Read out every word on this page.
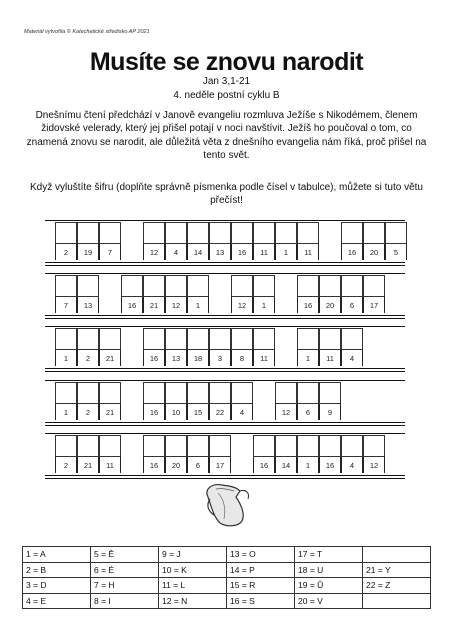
Materiál vytvořila © Katechetické středisko AP 2021
Musíte se znovu narodit
Jan 3,1-21
4. neděle postní cyklu B
Dnešnímu čtení předchází v Janově evangeliu rozmluva Ježíše s Nikodémem, členem židovské velerady, který jej přišel potají v noci navštívit. Ježíš ho poučoval o tom, co znamená znovu se narodit, ale důležitá věta z dnešního evangelia nám říká, proč přišel na tento svět.
Když vyluštíte šifru (doplňte správně písmenka podle čísel v tabulce), můžete si tuto větu přečíst!
2	19	7	12	4	14	13	16	11	1	11	16	20	5
7	13	16	21	12	1	12	1	16	20	6	17
1	2	21	16	13	18	3	8	11	1	11	4
1	2	21	16	10	15	22	4	12	6	9
2	21	11	16	20	6	17	16	14	1	16	4	12
1 = A	5 = Ě	9 = J	13 = O	17 = T	
2 = B	6 = É	10 = K	14 = P	18 = U	21 = Y
3 = D	7 = H	11 = L	15 = R	19 = Ů	22 = Z
4 = E	8 = I	12 = N	16 = S	20 = V	
